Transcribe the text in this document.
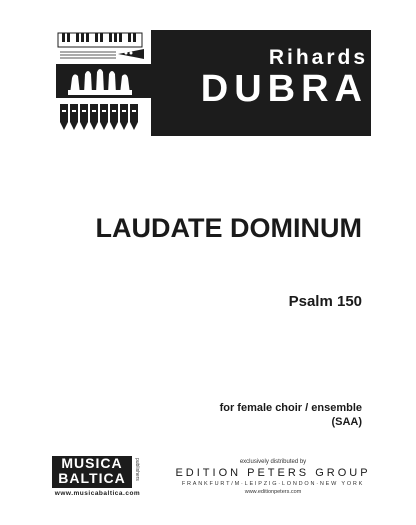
Rihards
DUBRA
LAUDATE DOMINUM
Psalm 150
for female choir / ensemble
(SAA)
MUSICA
BALTICA	publishers
www.musicabaltica.com
exclusively distributed by
EDITION PETERS GROUP
FRANKFURT/M·LEIPZIG·LONDON·NEW YORK
www.editionpeters.com
